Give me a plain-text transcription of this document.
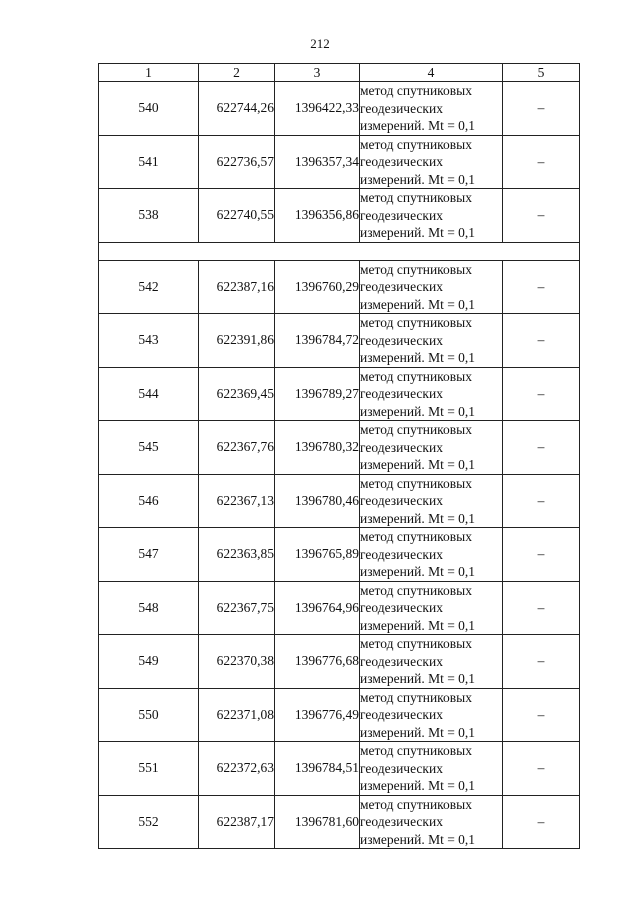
212
1	2	3	4	5
540	622744,26	1396422,33	метод спутниковых
геодезических
измерений. Mt = 0,1	–
541	622736,57	1396357,34	метод спутниковых
геодезических
измерений. Mt = 0,1	–
538	622740,55	1396356,86	метод спутниковых
геодезических
измерений. Mt = 0,1	–

542	622387,16	1396760,29	метод спутниковых
геодезических
измерений. Mt = 0,1	–
543	622391,86	1396784,72	метод спутниковых
геодезических
измерений. Mt = 0,1	–
544	622369,45	1396789,27	метод спутниковых
геодезических
измерений. Mt = 0,1	–
545	622367,76	1396780,32	метод спутниковых
геодезических
измерений. Mt = 0,1	–
546	622367,13	1396780,46	метод спутниковых
геодезических
измерений. Mt = 0,1	–
547	622363,85	1396765,89	метод спутниковых
геодезических
измерений. Mt = 0,1	–
548	622367,75	1396764,96	метод спутниковых
геодезических
измерений. Mt = 0,1	–
549	622370,38	1396776,68	метод спутниковых
геодезических
измерений. Mt = 0,1	–
550	622371,08	1396776,49	метод спутниковых
геодезических
измерений. Mt = 0,1	–
551	622372,63	1396784,51	метод спутниковых
геодезических
измерений. Mt = 0,1	–
552	622387,17	1396781,60	метод спутниковых
геодезических
измерений. Mt = 0,1	–
